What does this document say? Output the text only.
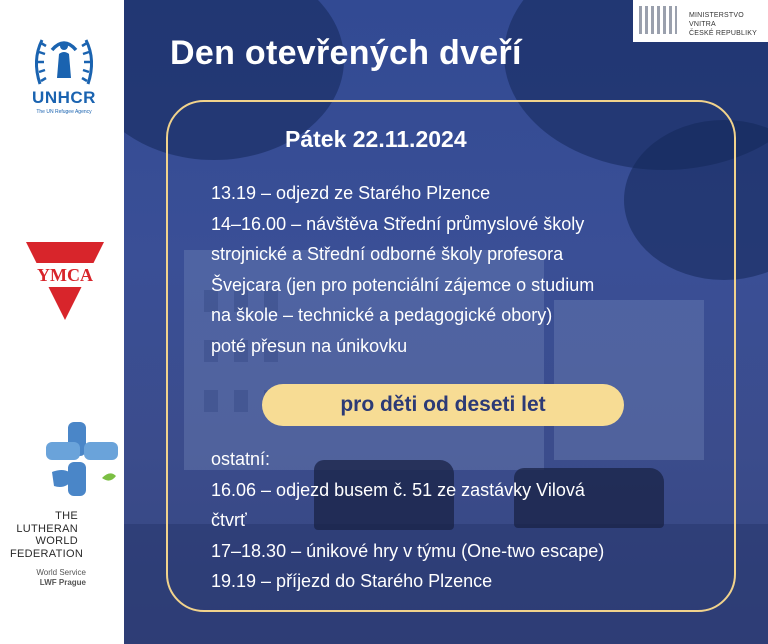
UNHCR
The UN Refugee Agency
YMCA
THE
LUTHERAN
WORLD
FEDERATION
World Service
LWF Prague
MINISTERSTVO VNITRA
ČESKÉ REPUBLIKY
Den otevřených dveří
Pátek 22.11.2024
13.19 – odjezd ze Starého Plzence
14–16.00 – návštěva Střední průmyslové školy
strojnické a Střední odborné školy profesora
Švejcara (jen pro potenciální zájemce o studium
na škole – technické a pedagogické obory)
poté přesun na únikovku
pro děti od deseti let
ostatní:
16.06 – odjezd busem č. 51 ze zastávky Vilová
čtvrť
17–18.30 – únikové hry v týmu (One-two escape)
19.19 – příjezd do Starého Plzence
